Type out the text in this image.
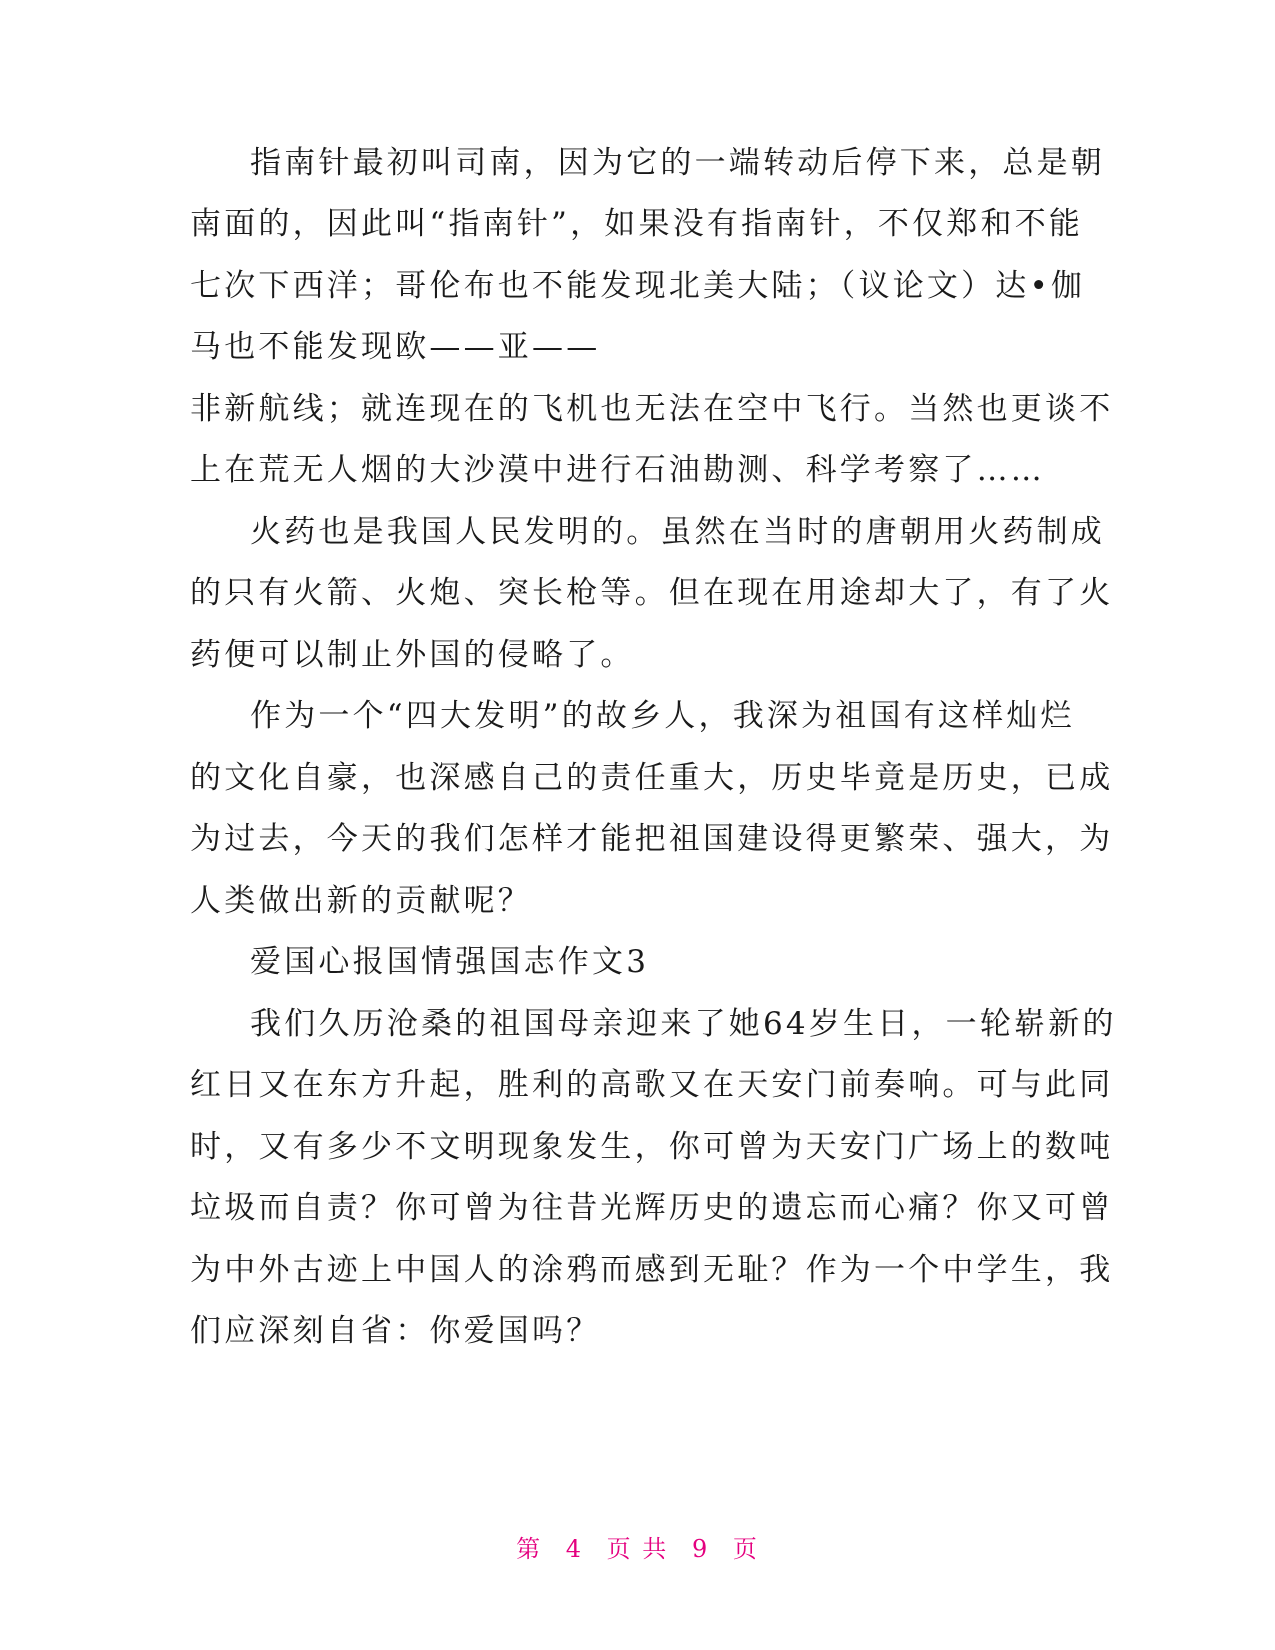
指南针最初叫司南，因为它的一端转动后停下来，总是朝
南面的，因此叫“指南针”，如果没有指南针，不仅郑和不能
七次下西洋；哥伦布也不能发现北美大陆；（议论文）达•伽
马也不能发现欧——亚——
非新航线；就连现在的飞机也无法在空中飞行。当然也更谈不
上在荒无人烟的大沙漠中进行石油勘测、科学考察了……
火药也是我国人民发明的。虽然在当时的唐朝用火药制成
的只有火箭、火炮、突长枪等。但在现在用途却大了，有了火
药便可以制止外国的侵略了。
作为一个“四大发明”的故乡人，我深为祖国有这样灿烂
的文化自豪，也深感自己的责任重大，历史毕竟是历史，已成
为过去，今天的我们怎样才能把祖国建设得更繁荣、强大，为
人类做出新的贡献呢？
爱国心报国情强国志作文3
我们久历沧桑的祖国母亲迎来了她64岁生日，一轮崭新的
红日又在东方升起，胜利的高歌又在天安门前奏响。可与此同
时，又有多少不文明现象发生，你可曾为天安门广场上的数吨
垃圾而自责？你可曾为往昔光辉历史的遗忘而心痛？你又可曾
为中外古迹上中国人的涂鸦而感到无耻？作为一个中学生，我
们应深刻自省：你爱国吗？
第 4 页 共 9 页
